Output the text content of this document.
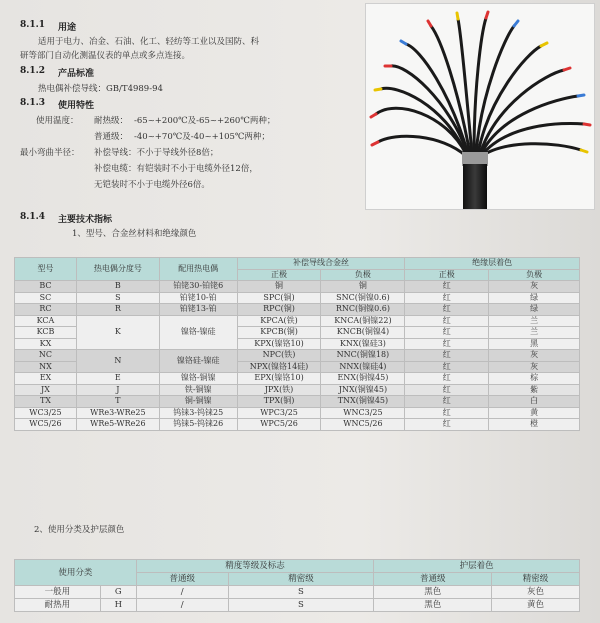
8.1.1 用途
适用于电力、冶金、石油、化工、轻纺等工业以及国防、科
研等部门自动化测温仪表的单点或多点连接。
8.1.2 产品标准
热电偶补偿导线：GB/T4989-94
8.1.3 使用特性
使用温度： 耐热级： -65~+200℃及-65~+260℃两种；
普通级： -40~+70℃及-40~+105℃两种；
最小弯曲半径： 补偿导线：不小于导线外径8倍；
补偿电缆：有铠装时不小于电缆外径12倍，
无铠装时不小于电缆外径6倍。
8.1.4 主要技术指标
1、型号、合金丝材料和绝缘颜色
型号	热电偶分度号	配用热电偶	补偿导线合金丝		绝缘层着色	
			正极	负极	正极	负极
BC	B	铂铑30-铂铑6	铜	铜	红	灰
SC	S	铂铑10-铂	SPC(铜)	SNC(铜镍0.6)	红	绿
RC	R	铂铑13-铂	RPC(铜)	RNC(铜镍0.6)	红	绿
KCA	K	镍铬-镍硅	KPCA(铁)	KNCA(铜镍22)	红	兰
KCB			KPCB(铜)	KNCB(铜镍4)	红	兰
KX			KPX(镍铬10)	KNX(镍硅3)	红	黑
NC	N	镍铬硅-镍硅	NPC(铁)	NNC(铜镍18)	红	灰
NX			NPX(镍铬14硅)	NNX(镍硅4)	红	灰
EX	E	镍铬-铜镍	EPX(镍铬10)	ENX(铜镍45)	红	棕
JX	J	铁-铜镍	JPX(铁)	JNX(铜镍45)	红	紫
TX	T	铜-铜镍	TPX(铜)	TNX(铜镍45)	红	白
WC3/25	WRe3-WRe25	钨铼3-钨铼25	WPC3/25	WNC3/25	红	黄
WC5/26	WRe5-WRe26	钨铼5-钨铼26	WPC5/26	WNC5/26	红	橙
2、使用分类及护层颜色
使用分类		精度等级及标志		护层着色	
		普通级	精密级	普通级	精密级
一般用	G	/	S	黑色	灰色
耐热用	H	/	S	黑色	黄色
